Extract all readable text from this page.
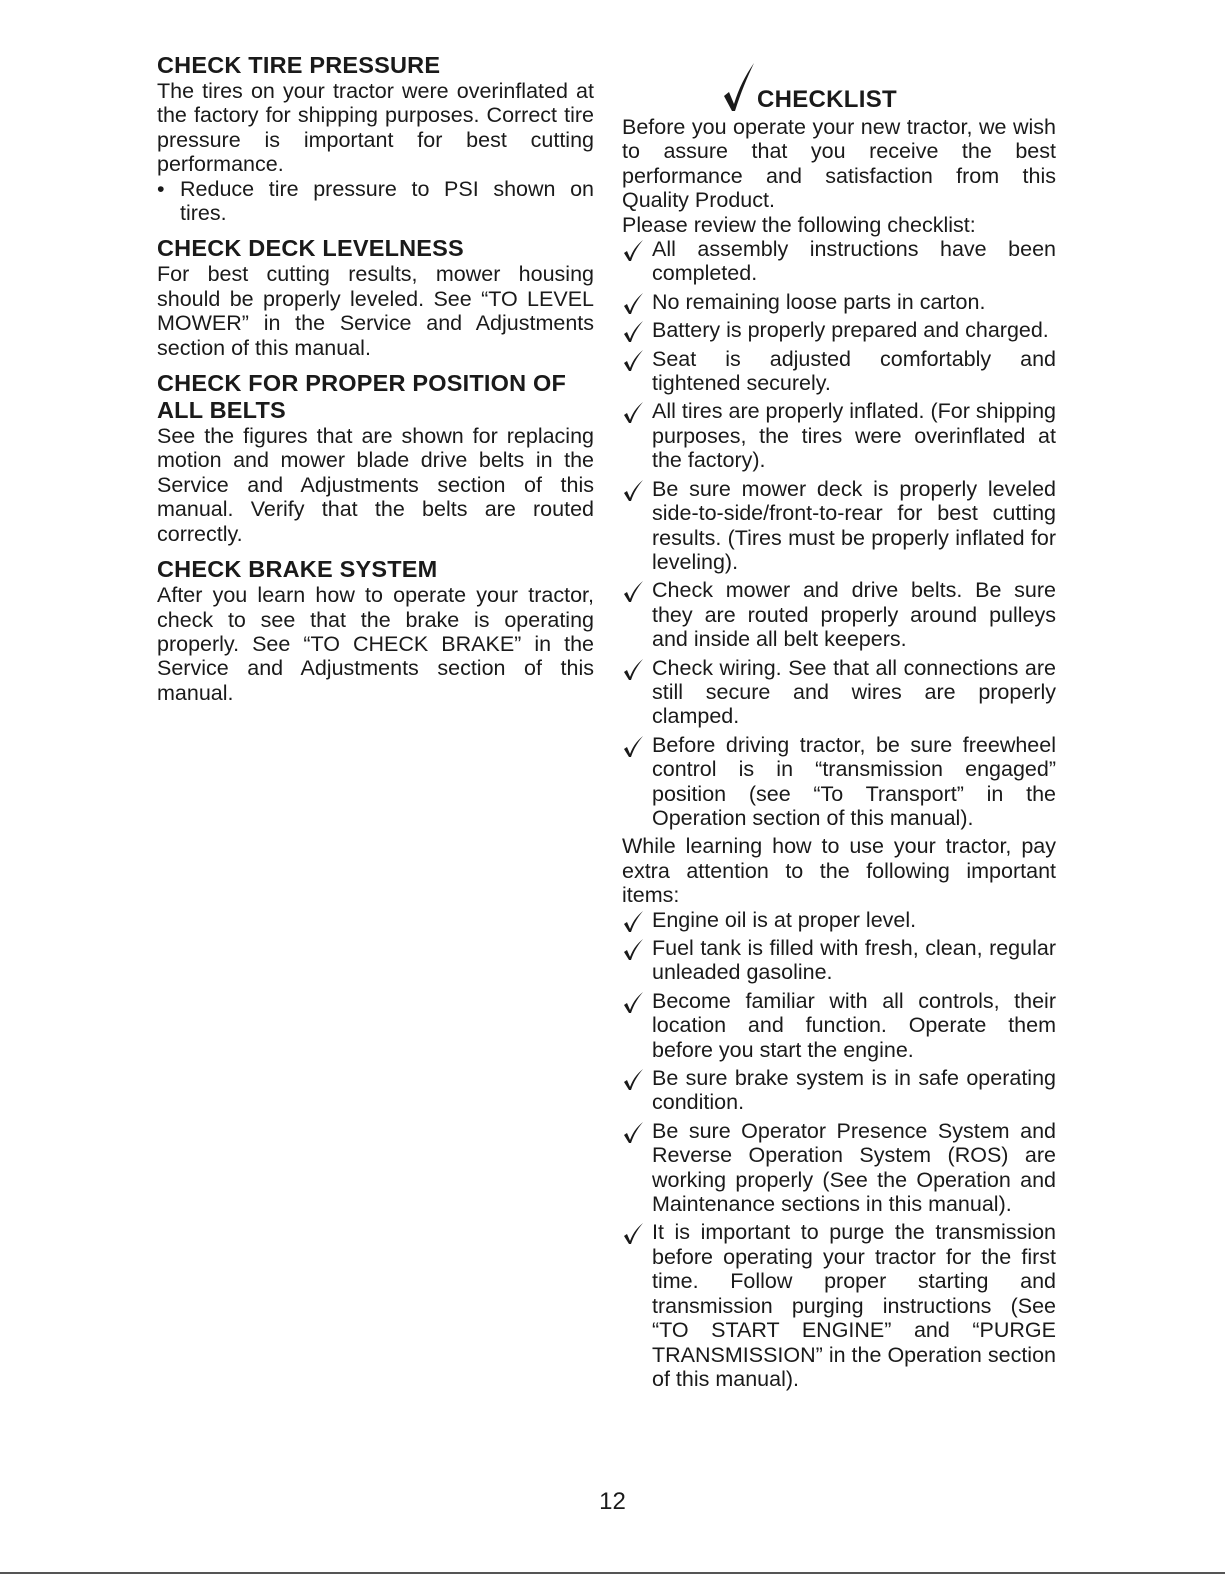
CHECK TIRE PRESSURE

The tires on your tractor were overinflated at the factory for shipping purposes. Correct tire pressure is important for best cutting performance.

• Reduce tire pressure to PSI shown on tires.
CHECK DECK LEVELNESS

For best cutting results, mower housing should be properly leveled. See “TO LEVEL MOWER” in the Service and Adjustments section of this manual.

CHECK FOR PROPER POSITION OF ALL BELTS

See the figures that are shown for replacing motion and mower blade drive belts in the Service and Adjustments section of this manual. Verify that the belts are routed correctly.

CHECK BRAKE SYSTEM

After you learn how to operate your tractor, check to see that the brake is operating properly. See “TO CHECK BRAKE” in the Service and Adjustments section of this manual.

CHECKLIST

Before you operate your new tractor, we wish to assure that you receive the best performance and satisfaction from this Quality Product.

Please review the following checklist:

All assembly instructions have been completed.
No remaining loose parts in carton.
Battery is properly prepared and charged.
Seat is adjusted comfortably and tightened securely.
All tires are properly inflated. (For shipping purposes, the tires were overinflated at the factory).
Be sure mower deck is properly leveled side-to-side/front-to-rear for best cutting results. (Tires must be properly inflated for leveling).
Check mower and drive belts. Be sure they are routed properly around pulleys and inside all belt keepers.
Check wiring. See that all connections are still secure and wires are properly clamped.
Before driving tractor, be sure freewheel control is in “transmission engaged” position (see “To Transport” in the Operation section of this manual).

While learning how to use your tractor, pay extra attention to the following important items:

Engine oil is at proper level.
Fuel tank is filled with fresh, clean, regular unleaded gasoline.
Become familiar with all controls, their location and function. Operate them before you start the engine.
Be sure brake system is in safe operating condition.
Be sure Operator Presence System and Reverse Operation System (ROS) are working properly (See the Operation and Maintenance sections in this manual).
It is important to purge the transmission before operating your tractor for the first time. Follow proper starting and transmission purging instructions (See “TO START ENGINE” and “PURGE TRANSMISSION” in the Operation section of this manual).
12
